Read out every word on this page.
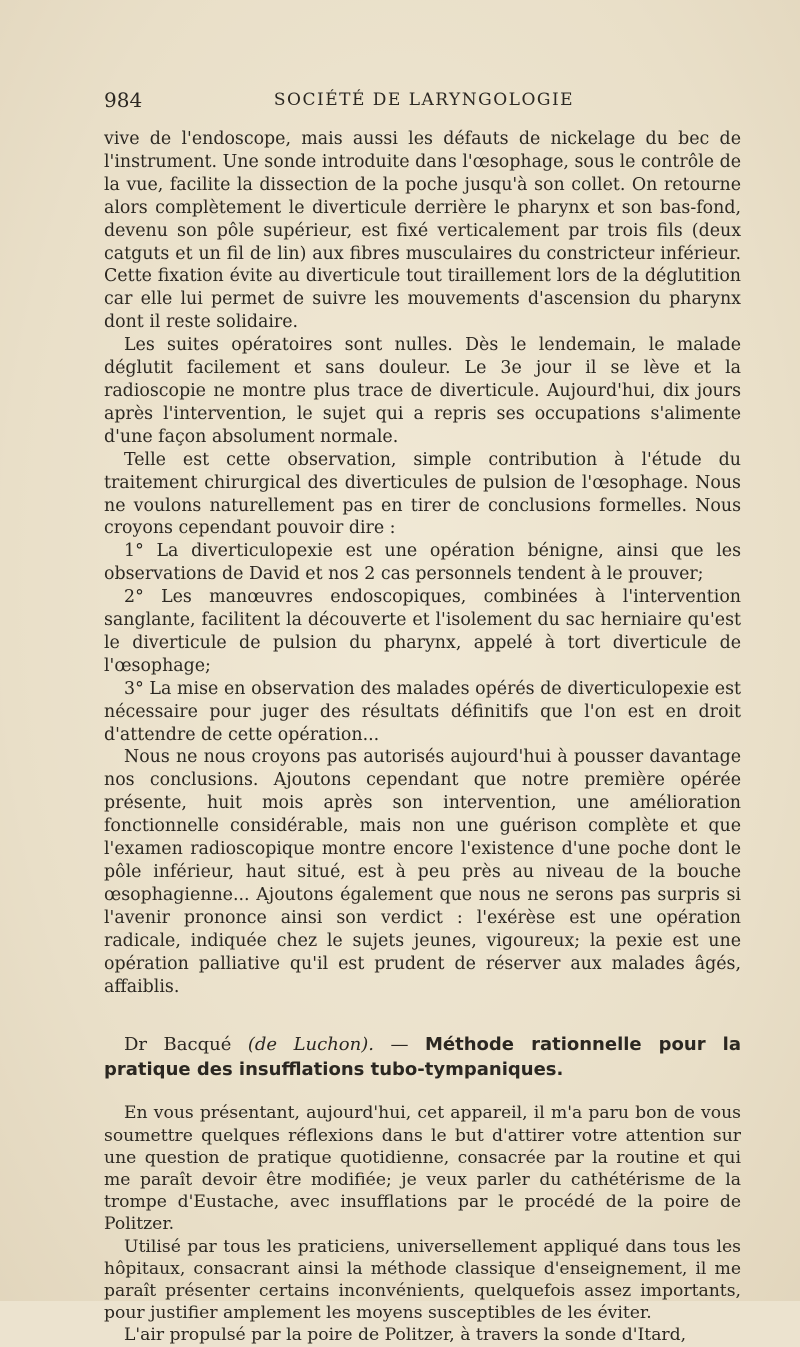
984	SOCIÉTÉ DE LARYNGOLOGIE

vive de l'endoscope, mais aussi les défauts de nickelage du bec de l'instrument. Une sonde introduite dans l'œsophage, sous le contrôle de la vue, facilite la dissection de la poche jusqu'à son collet. On retourne alors complètement le diverticule derrière le pharynx et son bas-fond, devenu son pôle supérieur, est fixé verticalement par trois fils (deux catguts et un fil de lin) aux fibres musculaires du constricteur inférieur. Cette fixation évite au diverticule tout tiraillement lors de la déglutition car elle lui permet de suivre les mouvements d'ascension du pharynx dont il reste solidaire.

Les suites opératoires sont nulles. Dès le lendemain, le malade déglutit facilement et sans douleur. Le 3e jour il se lève et la radioscopie ne montre plus trace de diverticule. Aujourd'hui, dix jours après l'intervention, le sujet qui a repris ses occupations s'alimente d'une façon absolument normale.

Telle est cette observation, simple contribution à l'étude du traitement chirurgical des diverticules de pulsion de l'œsophage. Nous ne voulons naturellement pas en tirer de conclusions formelles. Nous croyons cependant pouvoir dire :

1° La diverticulopexie est une opération bénigne, ainsi que les observations de David et nos 2 cas personnels tendent à le prouver;

2° Les manœuvres endoscopiques, combinées à l'intervention sanglante, facilitent la découverte et l'isolement du sac herniaire qu'est le diverticule de pulsion du pharynx, appelé à tort diverticule de l'œsophage;

3° La mise en observation des malades opérés de diverticulopexie est nécessaire pour juger des résultats définitifs que l'on est en droit d'attendre de cette opération...

Nous ne nous croyons pas autorisés aujourd'hui à pousser davantage nos conclusions. Ajoutons cependant que notre première opérée présente, huit mois après son intervention, une amélioration fonctionnelle considérable, mais non une guérison complète et que l'examen radioscopique montre encore l'existence d'une poche dont le pôle inférieur, haut situé, est à peu près au niveau de la bouche œsophagienne... Ajoutons également que nous ne serons pas surpris si l'avenir prononce ainsi son verdict : l'exérèse est une opération radicale, indiquée chez le sujets jeunes, vigoureux; la pexie est une opération palliative qu'il est prudent de réserver aux malades âgés, affaiblis.

Dr Bacqué (de Luchon). — Méthode rationnelle pour la pratique des insufflations tubo-tympaniques.

En vous présentant, aujourd'hui, cet appareil, il m'a paru bon de vous soumettre quelques réflexions dans le but d'attirer votre attention sur une question de pratique quotidienne, consacrée par la routine et qui me paraît devoir être modifiée; je veux parler du cathétérisme de la trompe d'Eustache, avec insufflations par le procédé de la poire de Politzer.

Utilisé par tous les praticiens, universellement appliqué dans tous les hôpitaux, consacrant ainsi la méthode classique d'enseignement, il me paraît présenter certains inconvénients, quelquefois assez importants, pour justifier amplement les moyens susceptibles de les éviter.

L'air propulsé par la poire de Politzer, à travers la sonde d'Itard,
